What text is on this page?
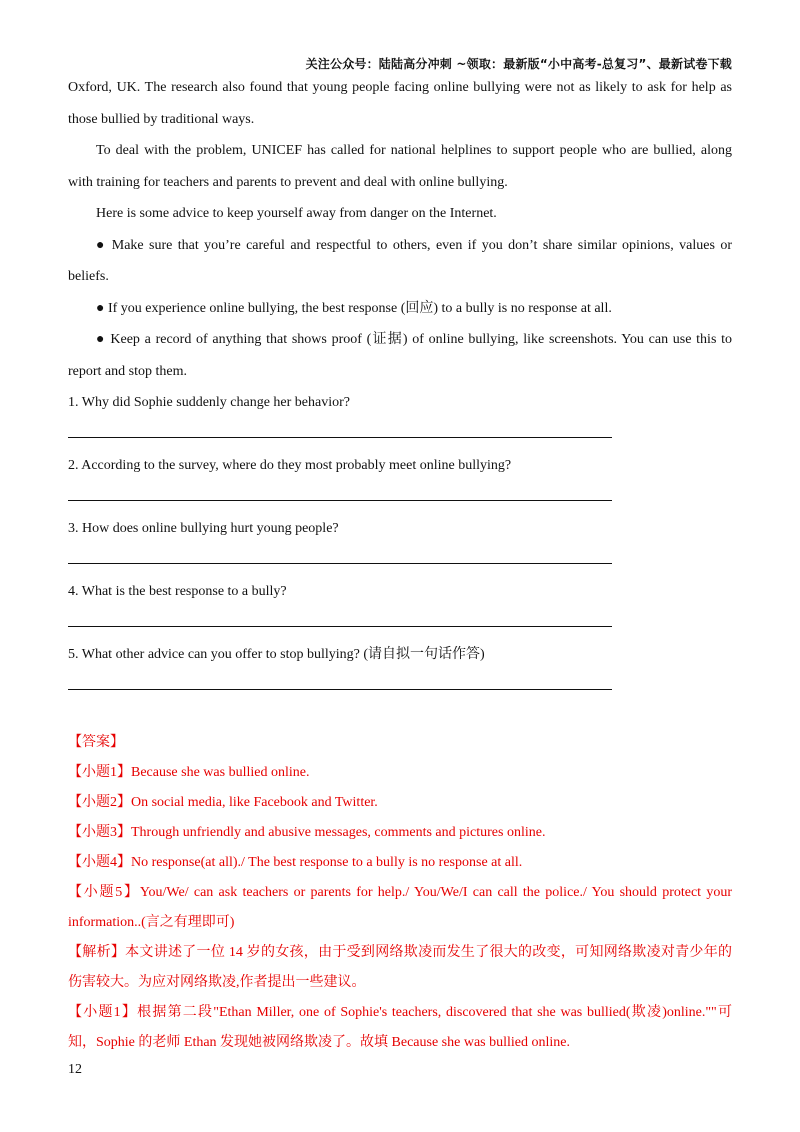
关注公众号：陆陆高分冲刺 ~领取：最新版“小中高考-总复习”、最新试卷下载

Oxford, UK. The research also found that young people facing online bullying were not as likely to ask for help as those bullied by traditional ways.

To deal with the problem, UNICEF has called for national helplines to support people who are bullied, along with training for teachers and parents to prevent and deal with online bullying.

Here is some advice to keep yourself away from danger on the Internet.

● Make sure that you’re careful and respectful to others, even if you don’t share similar opinions, values or beliefs.

● If you experience online bullying, the best response (回应) to a bully is no response at all.

● Keep a record of anything that shows proof (证据) of online bullying, like screenshots. You can use this to report and stop them.

1. Why did Sophie suddenly change her behavior?

2. According to the survey, where do they most probably meet online bullying?

3. How does online bullying hurt young people?

4. What is the best response to a bully?

5. What other advice can you offer to stop bullying? (请自拟一句话作答)

【答案】

【小题1】Because she was bullied online.

【小题2】On social media, like Facebook and Twitter.

【小题3】Through unfriendly and abusive messages, comments and pictures online.

【小题4】No response(at all)./ The best response to a bully is no response at all.

【小题5】You/We/ can ask teachers or parents for help./ You/We/I can call the police./ You should protect your

information..(言之有理即可)

【解析】本文讲述了一位 14 岁的女孩，由于受到网络欺凌而发生了很大的改变，可知网络欺凌对青少年的

伤害较大。为应对网络欺凌,作者提出一些建议。

【小题1】根据第二段"Ethan Miller, one of Sophie's teachers, discovered that she was bullied(欺凌)online.""可

知，Sophie 的老师 Ethan 发现她被网络欺凌了。故填 Because she was bullied online.

12
